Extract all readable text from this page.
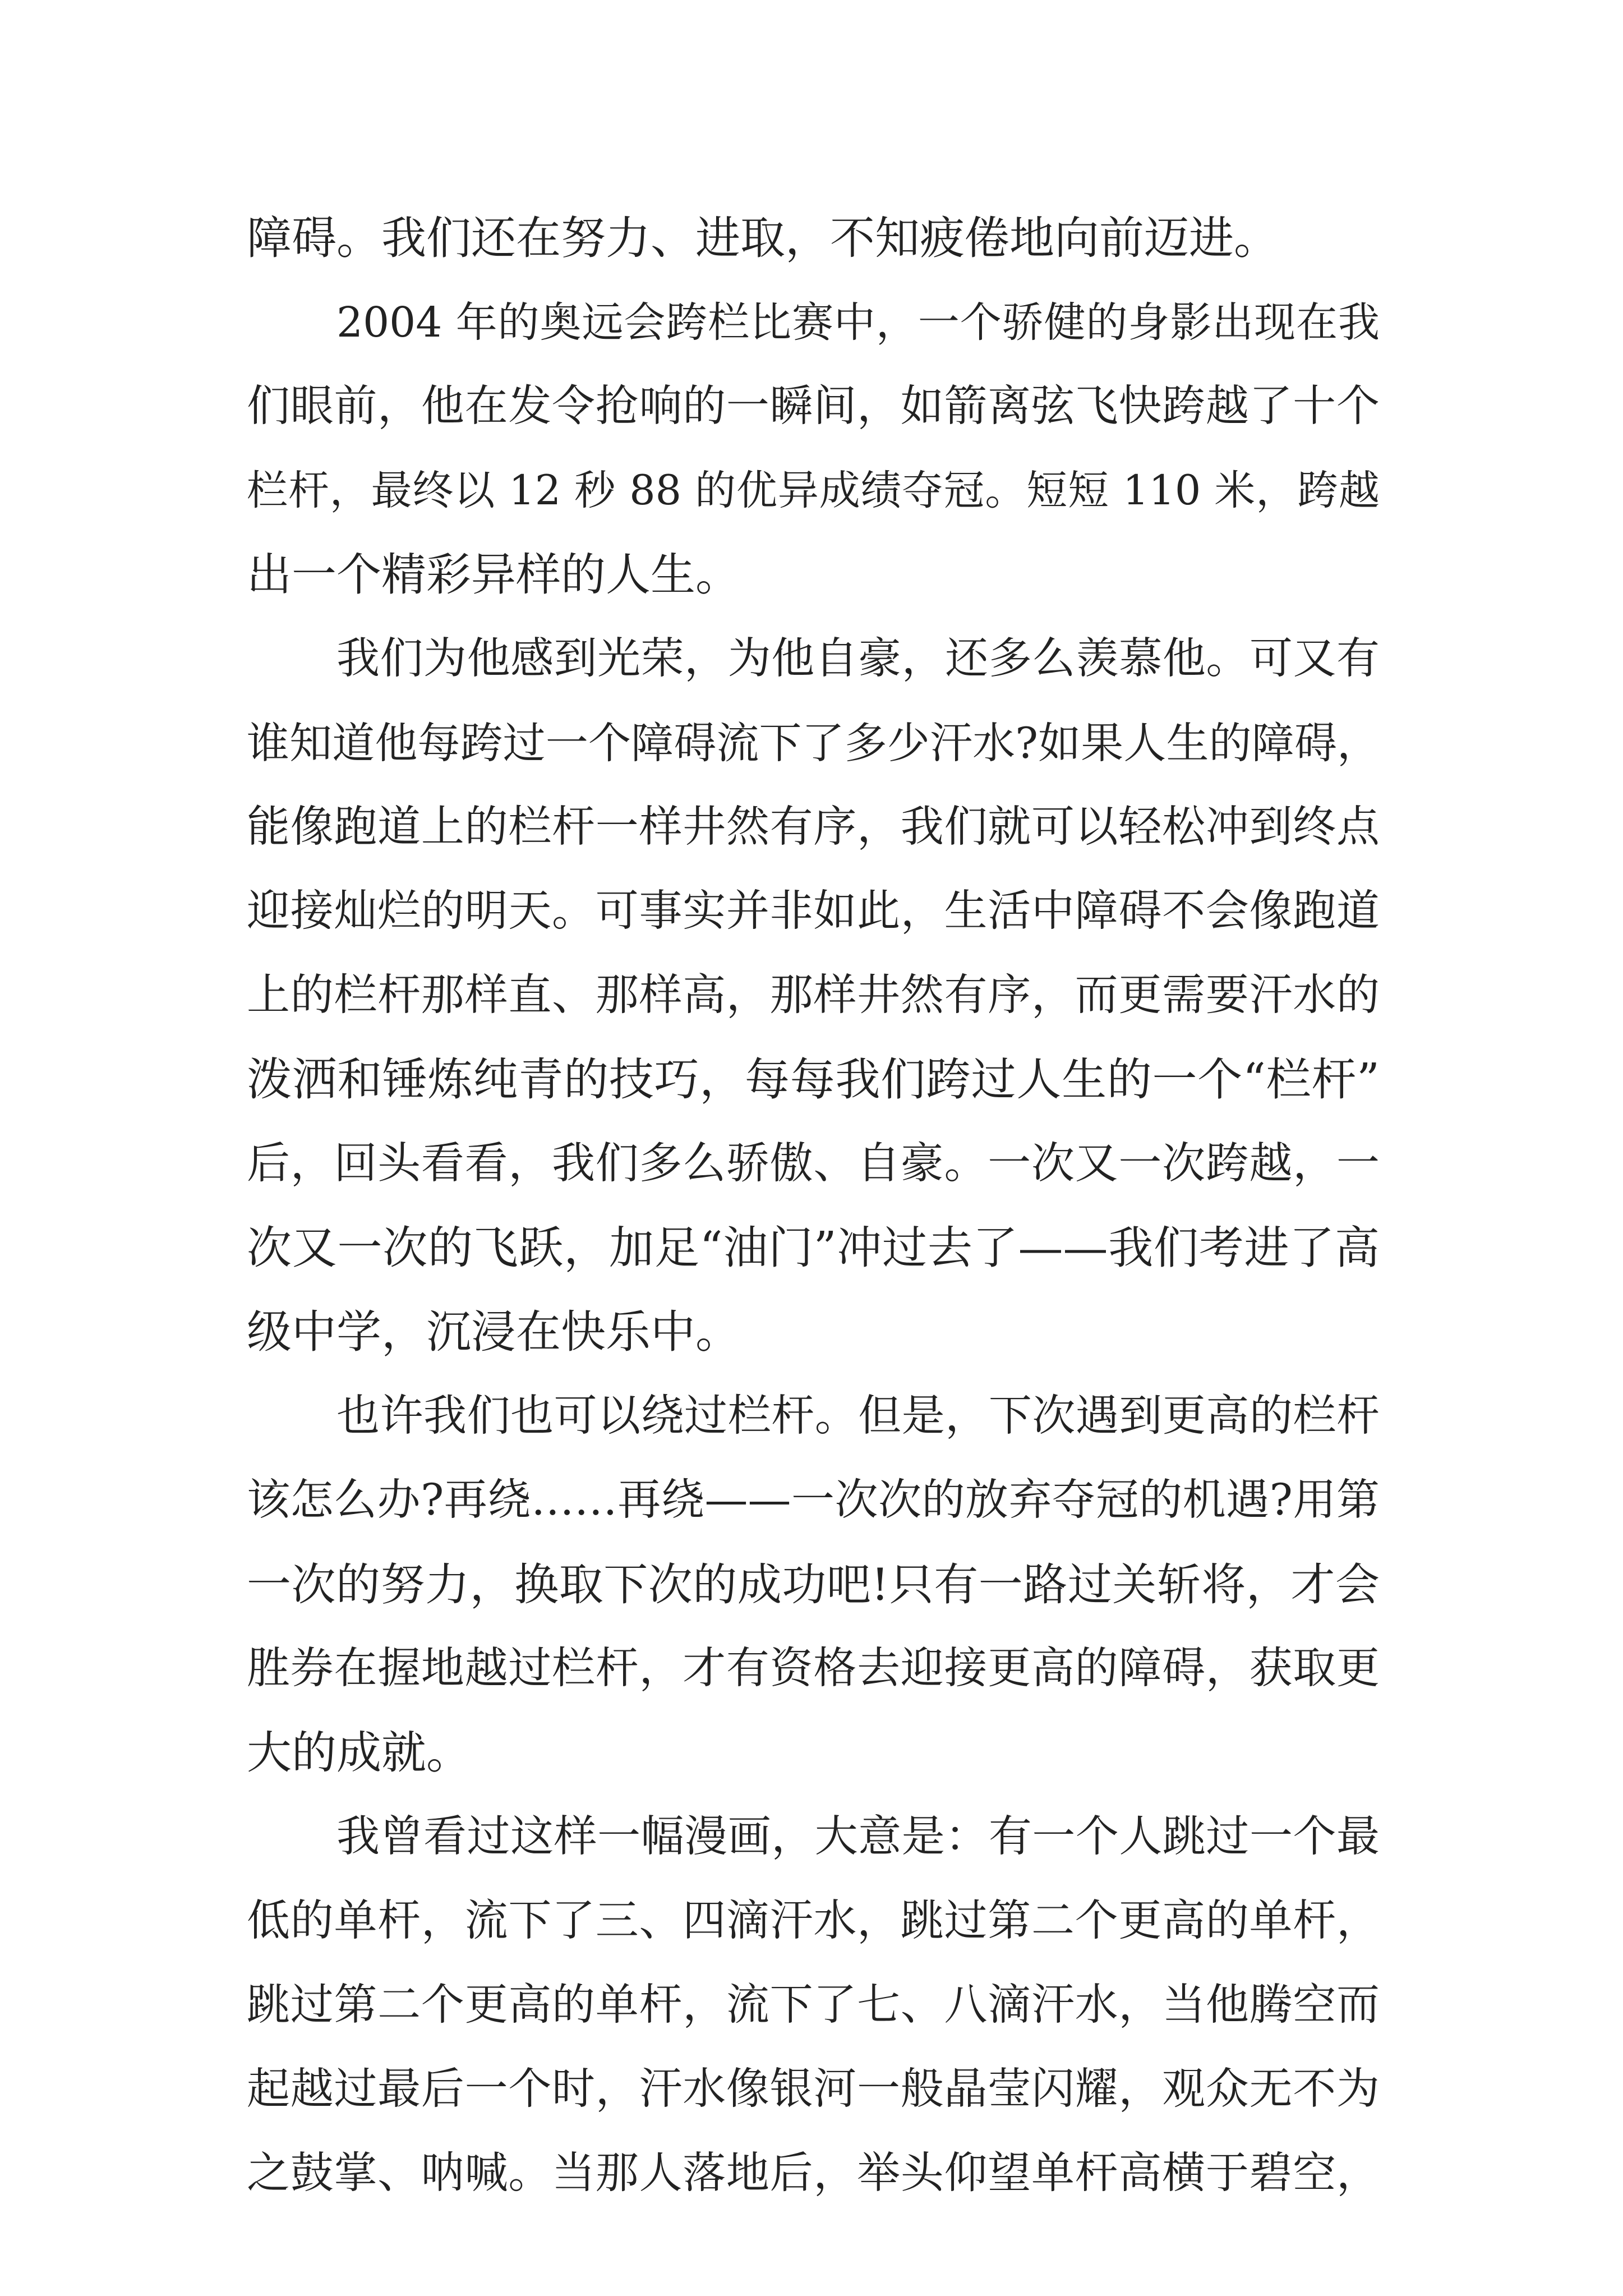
障碍。我们还在努力、进取，不知疲倦地向前迈进。
2004 年的奥远会跨栏比赛中，一个骄健的身影出现在我
们眼前，他在发令抢响的一瞬间，如箭离弦飞快跨越了十个
栏杆，最终以 12 秒 88 的优异成绩夺冠。短短 110 米，跨越
出一个精彩异样的人生。
我们为他感到光荣，为他自豪，还多么羡慕他。可又有
谁知道他每跨过一个障碍流下了多少汗水?如果人生的障碍，
能像跑道上的栏杆一样井然有序，我们就可以轻松冲到终点
迎接灿烂的明天。可事实并非如此，生活中障碍不会像跑道
上的栏杆那样直、那样高，那样井然有序，而更需要汗水的
泼洒和锤炼纯青的技巧，每每我们跨过人生的一个“栏杆”
后，回头看看，我们多么骄傲、自豪。一次又一次跨越，一
次又一次的飞跃，加足“油门”冲过去了——我们考进了高
级中学，沉浸在快乐中。
也许我们也可以绕过栏杆。但是，下次遇到更高的栏杆
该怎么办?再绕……再绕——一次次的放弃夺冠的机遇?用第
一次的努力，换取下次的成功吧!只有一路过关斩将，才会
胜券在握地越过栏杆，才有资格去迎接更高的障碍，获取更
大的成就。
我曾看过这样一幅漫画，大意是：有一个人跳过一个最
低的单杆，流下了三、四滴汗水，跳过第二个更高的单杆，
跳过第二个更高的单杆，流下了七、八滴汗水，当他腾空而
起越过最后一个时，汗水像银河一般晶莹闪耀，观众无不为
之鼓掌、呐喊。当那人落地后，举头仰望单杆高横于碧空，
